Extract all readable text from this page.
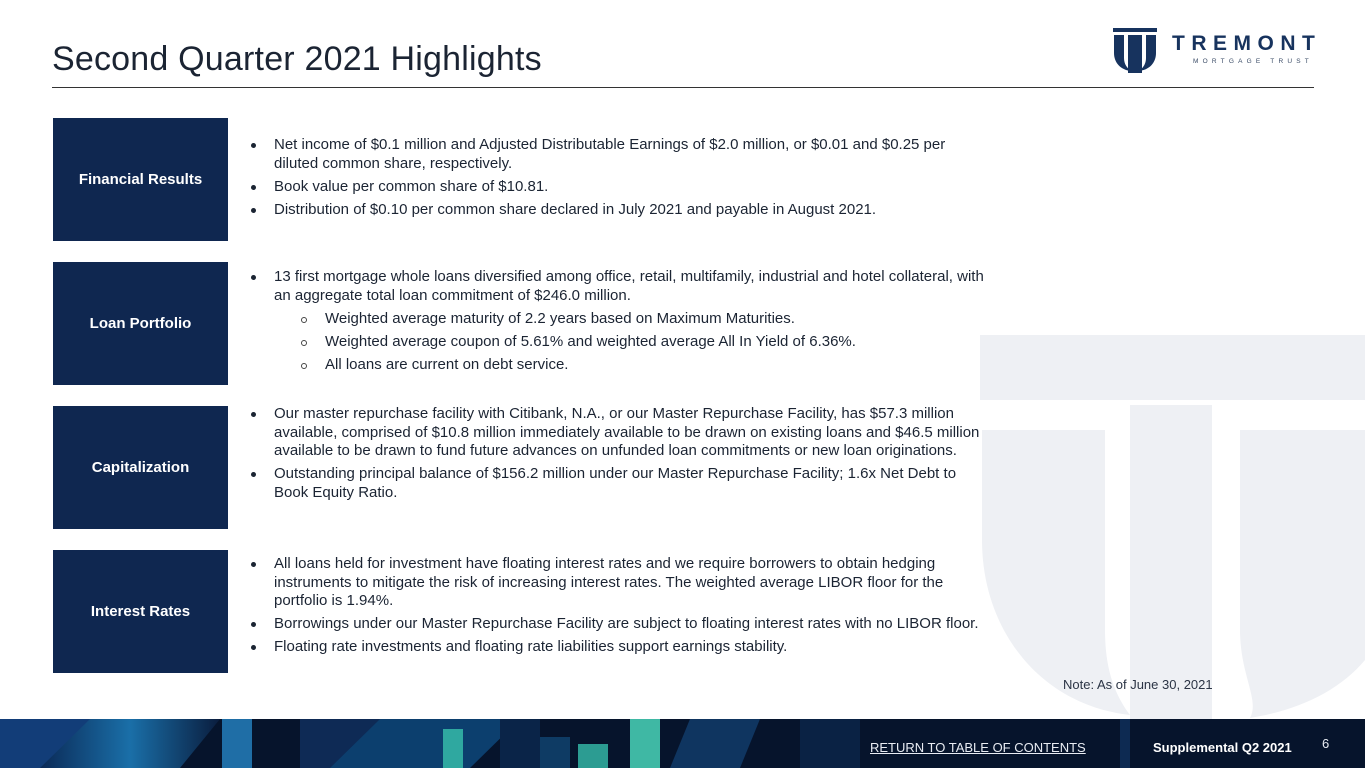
Second Quarter 2021 Highlights	TREMONT
MORTGAGE TRUST
Financial Results
Net income of $0.1 million and Adjusted Distributable Earnings of $2.0 million, or $0.01 and $0.25 per diluted common share, respectively.
Book value per common share of $10.81.
Distribution of $0.10 per common share declared in July 2021 and payable in August 2021.
Loan Portfolio
13 first mortgage whole loans diversified among office, retail, multifamily, industrial and hotel collateral, with an aggregate total loan commitment of $246.0 million.
Weighted average maturity of 2.2 years based on Maximum Maturities.
Weighted average coupon of 5.61% and weighted average All In Yield of 6.36%.
All loans are current on debt service.
Capitalization
Our master repurchase facility with Citibank, N.A., or our Master Repurchase Facility, has $57.3 million available, comprised of $10.8 million immediately available to be drawn on existing loans and $46.5 million available to be drawn to fund future advances on unfunded loan commitments or new loan originations.
Outstanding principal balance of $156.2 million under our Master Repurchase Facility; 1.6x Net Debt to Book Equity Ratio.
Interest Rates
All loans held for investment have floating interest rates and we require borrowers to obtain hedging instruments to mitigate the risk of increasing interest rates. The weighted average LIBOR floor for the portfolio is 1.94%.
Borrowings under our Master Repurchase Facility are subject to floating interest rates with no LIBOR floor.
Floating rate investments and floating rate liabilities support earnings stability.
Note: As of June 30, 2021
RETURN TO TABLE OF CONTENTS	Supplemental Q2 2021 6
